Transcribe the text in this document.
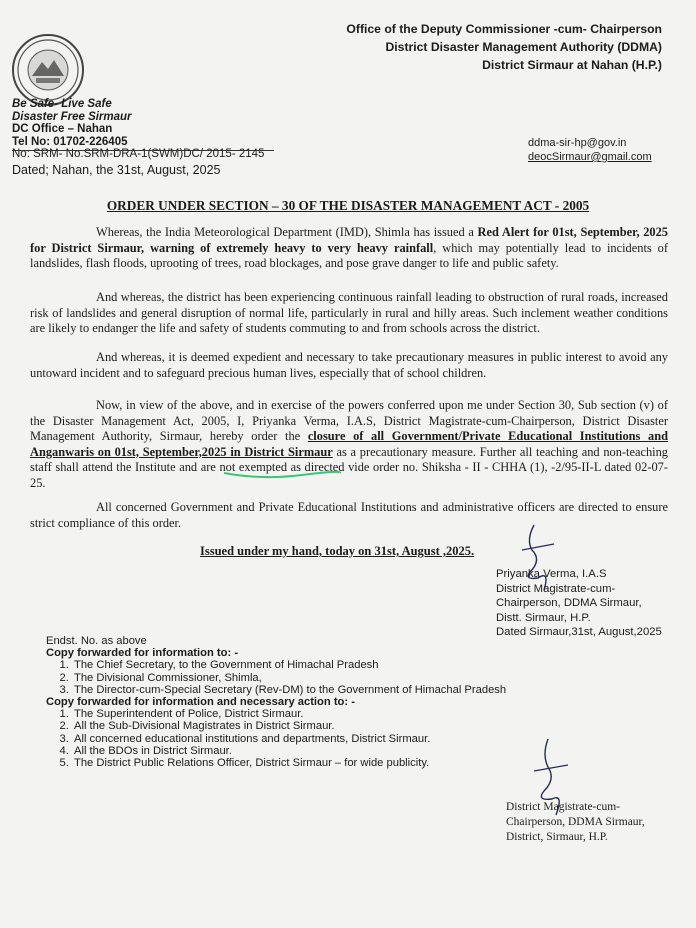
Office of the Deputy Commissioner -cum- Chairperson
District Disaster Management Authority (DDMA)
District Sirmaur at Nahan (H.P.)
Be Safe- Live Safe
Disaster Free Sirmaur
DC Office – Nahan
Tel No: 01702-226405
No: SRM- No.SRM-DRA-1(SWM)DC/ 2015- 2145
Dated; Nahan, the 31st, August, 2025
ddma-sir-hp@gov.in
deocSirmaur@gmail.com
ORDER UNDER SECTION – 30 OF THE DISASTER MANAGEMENT ACT - 2005

Whereas, the India Meteorological Department (IMD), Shimla has issued a Red Alert for 01st, September, 2025 for District Sirmaur, warning of extremely heavy to very heavy rainfall, which may potentially lead to incidents of landslides, flash floods, uprooting of trees, road blockages, and pose grave danger to life and public safety.

And whereas, the district has been experiencing continuous rainfall leading to obstruction of rural roads, increased risk of landslides and general disruption of normal life, particularly in rural and hilly areas. Such inclement weather conditions are likely to endanger the life and safety of students commuting to and from schools across the district.

And whereas, it is deemed expedient and necessary to take precautionary measures in public interest to avoid any untoward incident and to safeguard precious human lives, especially that of school children.

Now, in view of the above, and in exercise of the powers conferred upon me under Section 30, Sub section (v) of the Disaster Management Act, 2005, I, Priyanka Verma, I.A.S, District Magistrate-cum-Chairperson, District Disaster Management Authority, Sirmaur, hereby order the closure of all Government/Private Educational Institutions and Anganwaris on 01st, September,2025 in District Sirmaur as a precautionary measure. Further all teaching and non-teaching staff shall attend the Institute and are not exempted as directed vide order no. Shiksha - II - CHHA (1), -2/95-II-L dated 02-07-25.

All concerned Government and Private Educational Institutions and administrative officers are directed to ensure strict compliance of this order.

Issued under my hand, today on 31st, August ,2025.
Priyanka Verma, I.A.S
District Magistrate-cum-
Chairperson, DDMA Sirmaur,
Distt. Sirmaur, H.P.
Dated Sirmaur,31st, August,2025
Endst. No. as above
Copy forwarded for information to: -
1. The Chief Secretary, to the Government of Himachal Pradesh
2. The Divisional Commissioner, Shimla,
3. The Director-cum-Special Secretary (Rev-DM) to the Government of Himachal Pradesh
Copy forwarded for information and necessary action to: -
1. The Superintendent of Police, District Sirmaur.
2. All the Sub-Divisional Magistrates in District Sirmaur.
3. All concerned educational institutions and departments, District Sirmaur.
4. All the BDOs in District Sirmaur.
5. The District Public Relations Officer, District Sirmaur – for wide publicity.
District Magistrate-cum-
Chairperson, DDMA Sirmaur,
District, Sirmaur, H.P.
